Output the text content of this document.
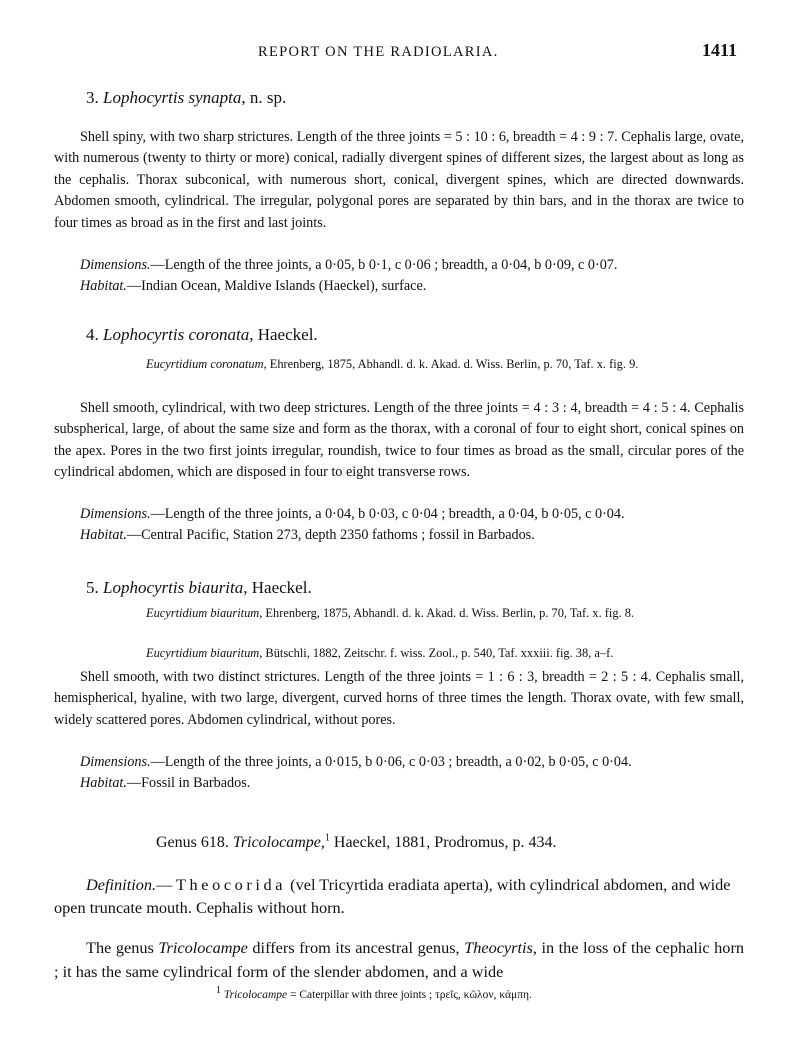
REPORT ON THE RADIOLARIA.	1411
3. Lophocyrtis synapta, n. sp.

Shell spiny, with two sharp strictures. Length of the three joints = 5 : 10 : 6, breadth = 4 : 9 : 7. Cephalis large, ovate, with numerous (twenty to thirty or more) conical, radially divergent spines of different sizes, the largest about as long as the cephalis. Thorax subconical, with numerous short, conical, divergent spines, which are directed downwards. Abdomen smooth, cylindrical. The irregular, polygonal pores are separated by thin bars, and in the thorax are twice to four times as broad as in the first and last joints.

Dimensions.—Length of the three joints, a 0·05, b 0·1, c 0·06 ; breadth, a 0·04, b 0·09, c 0·07.

Habitat.—Indian Ocean, Maldive Islands (Haeckel), surface.

4. Lophocyrtis coronata, Haeckel.

Eucyrtidium coronatum, Ehrenberg, 1875, Abhandl. d. k. Akad. d. Wiss. Berlin, p. 70, Taf. x. fig. 9.

Shell smooth, cylindrical, with two deep strictures. Length of the three joints = 4 : 3 : 4, breadth = 4 : 5 : 4. Cephalis subspherical, large, of about the same size and form as the thorax, with a coronal of four to eight short, conical spines on the apex. Pores in the two first joints irregular, roundish, twice to four times as broad as the small, circular pores of the cylindrical abdomen, which are disposed in four to eight transverse rows.

Dimensions.—Length of the three joints, a 0·04, b 0·03, c 0·04 ; breadth, a 0·04, b 0·05, c 0·04.

Habitat.—Central Pacific, Station 273, depth 2350 fathoms ; fossil in Barbados.

5. Lophocyrtis biaurita, Haeckel.

Eucyrtidium biauritum, Ehrenberg, 1875, Abhandl. d. k. Akad. d. Wiss. Berlin, p. 70, Taf. x. fig. 8.

Eucyrtidium biauritum, Bütschli, 1882, Zeitschr. f. wiss. Zool., p. 540, Taf. xxxiii. fig. 38, a–f.

Shell smooth, with two distinct strictures. Length of the three joints = 1 : 6 : 3, breadth = 2 : 5 : 4. Cephalis small, hemispherical, hyaline, with two large, divergent, curved horns of three times the length. Thorax ovate, with few small, widely scattered pores. Abdomen cylindrical, without pores.

Dimensions.—Length of the three joints, a 0·015, b 0·06, c 0·03 ; breadth, a 0·02, b 0·05, c 0·04.

Habitat.—Fossil in Barbados.

Genus 618. Tricolocampe,$^1$ Haeckel, 1881, Prodromus, p. 434.

Definition.—Theocorida (vel Tricyrtida eradiata aperta), with cylindrical abdomen, and wide open truncate mouth. Cephalis without horn.

The genus Tricolocampe differs from its ancestral genus, Theocyrtis, in the loss of the cephalic horn ; it has the same cylindrical form of the slender abdomen, and a wide

$^1$ Tricolocampe = Caterpillar with three joints ; τρεῖς, κῶλον, κάμπη.
